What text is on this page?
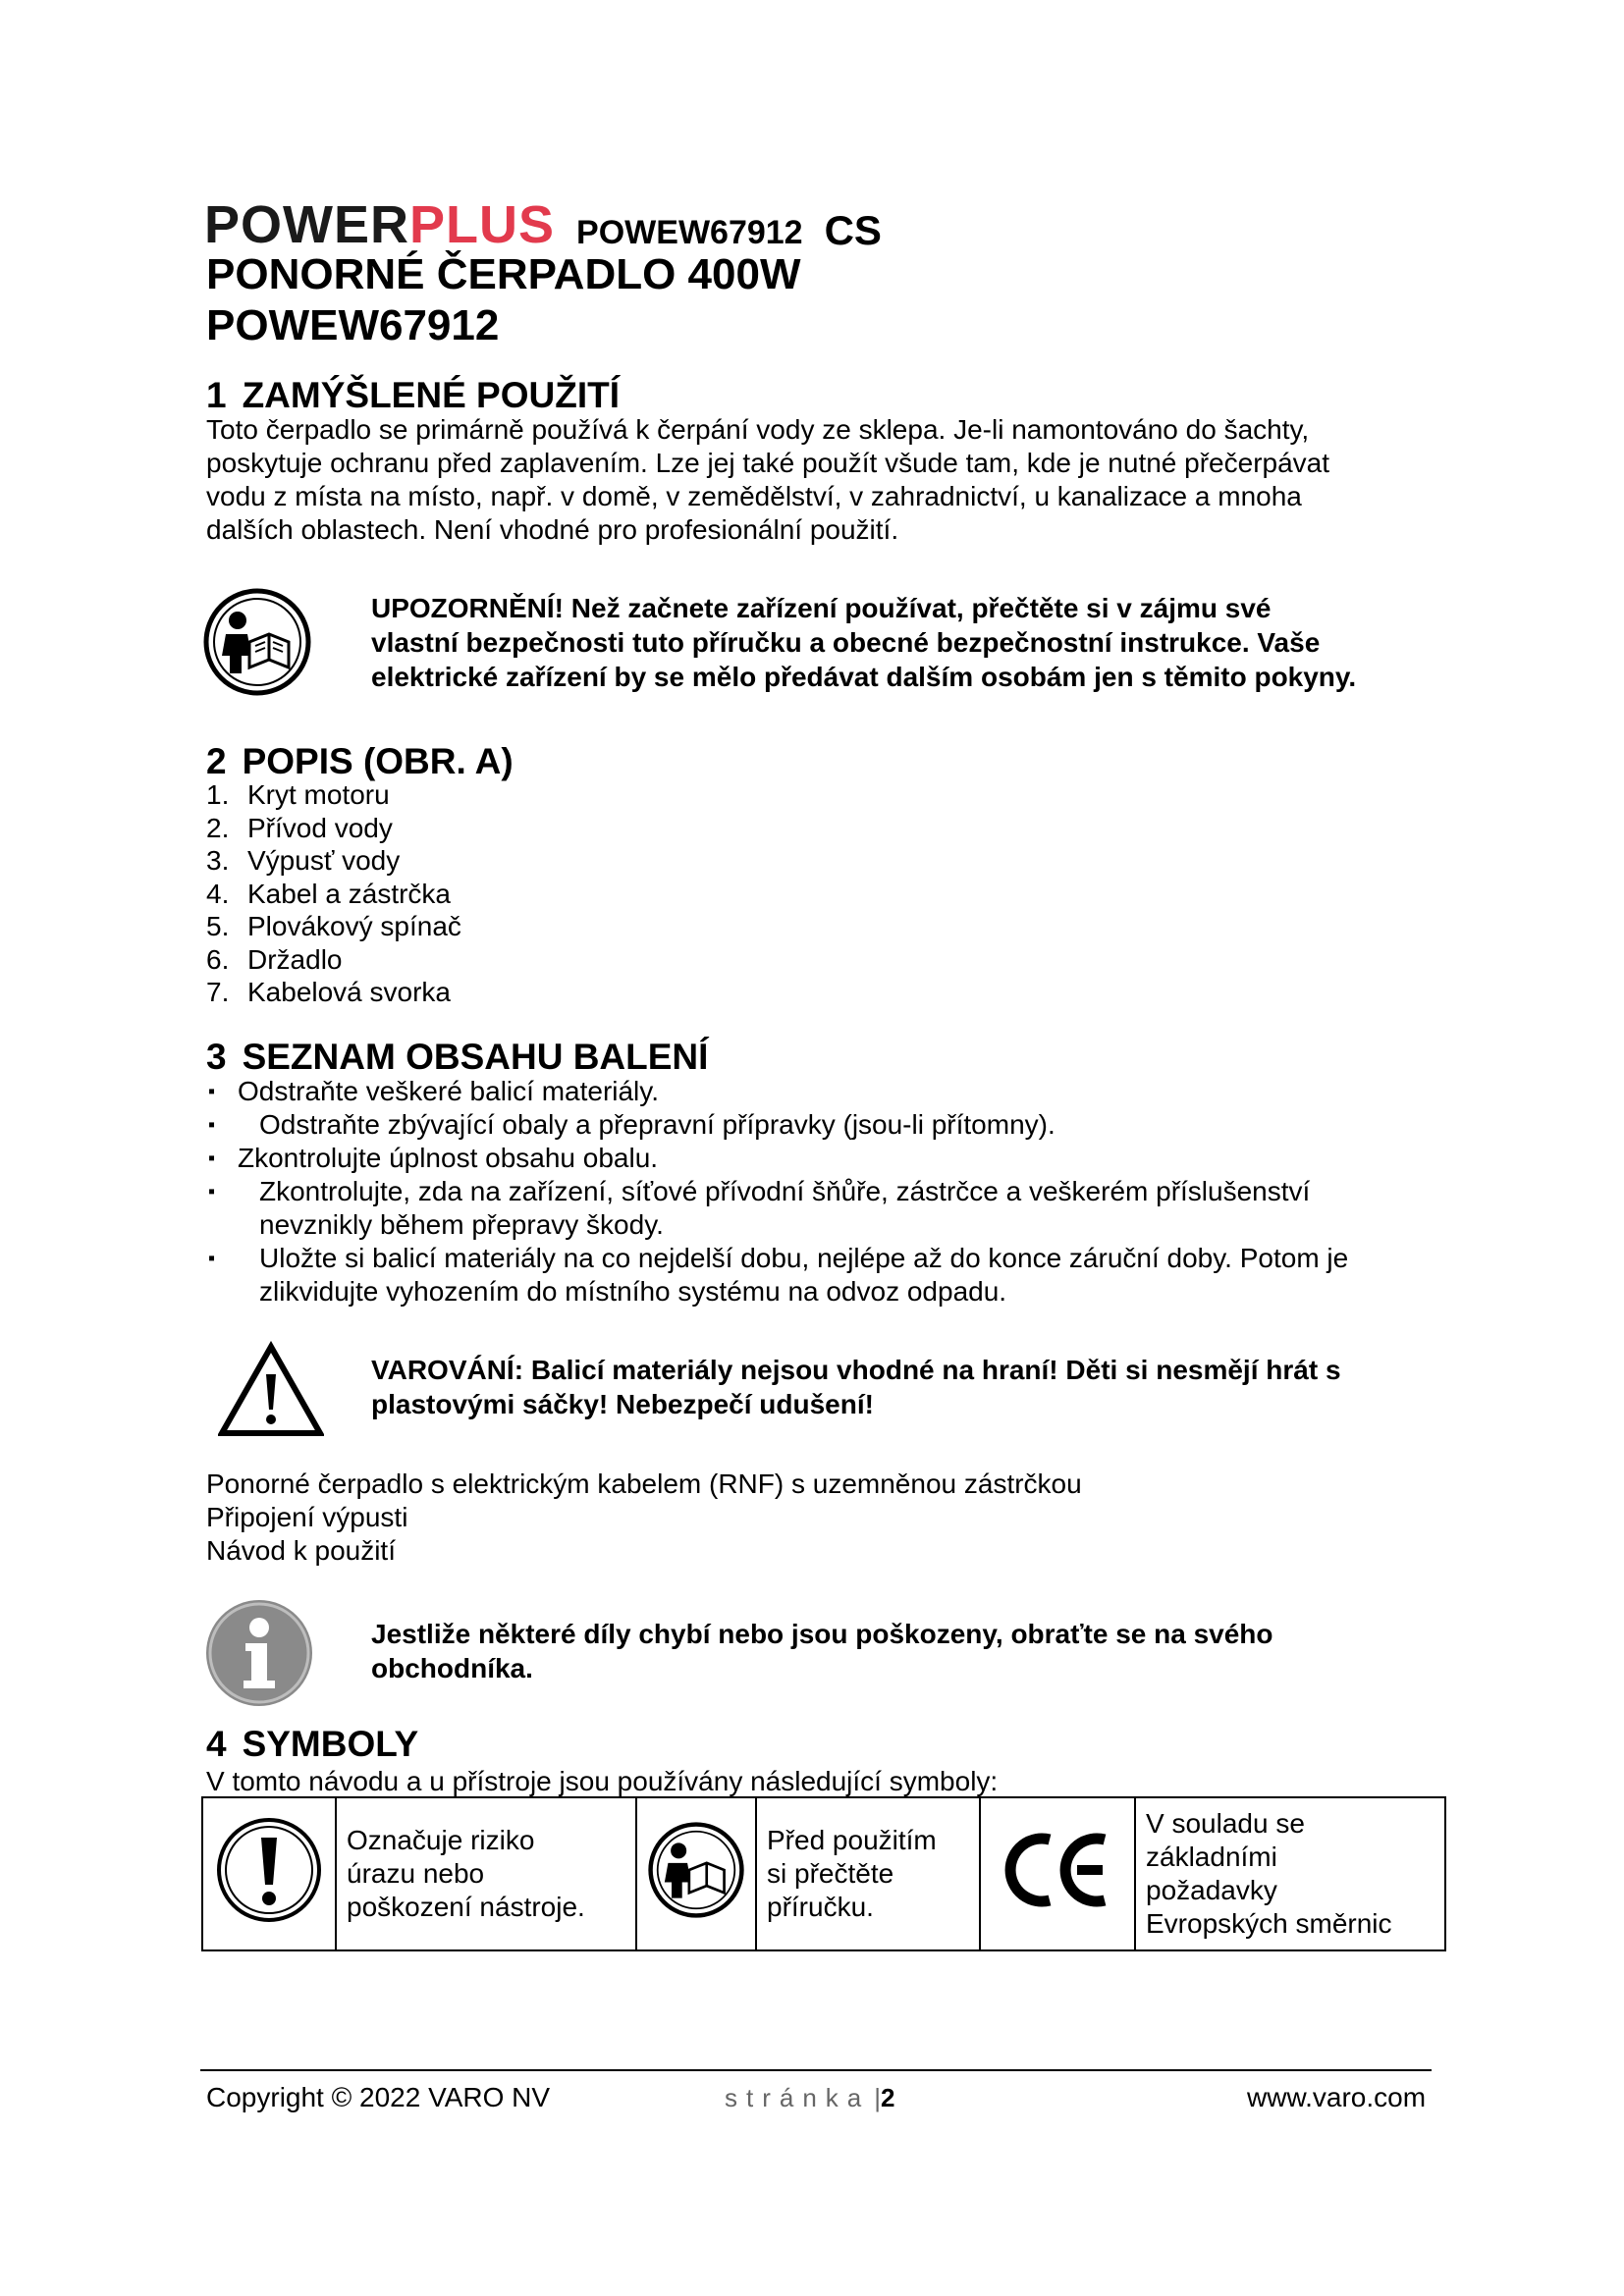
POWERPLUS POWEW67912 CS
PONORNÉ ČERPADLO 400W
POWEW67912
1 ZAMÝŠLENÉ POUŽITÍ

Toto čerpadlo se primárně používá k čerpání vody ze sklepa. Je-li namontováno do šachty,
poskytuje ochranu před zaplavením. Lze jej také použít všude tam, kde je nutné přečerpávat
vodu z místa na místo, např. v domě, v zemědělství, v zahradnictví, u kanalizace a mnoha
dalších oblastech. Není vhodné pro profesionální použití.

UPOZORNĚNÍ! Než začnete zařízení používat, přečtěte si v zájmu své
vlastní bezpečnosti tuto příručku a obecné bezpečnostní instrukce. Vaše
elektrické zařízení by se mělo předávat dalším osobám jen s těmito pokyny.
2 POPIS (OBR. A)
1. Kryt motoru
2. Přívod vody
3. Výpusť vody
4. Kabel a zástrčka
5. Plovákový spínač
6. Držadlo
7. Kabelová svorka
3 SEZNAM OBSAHU BALENÍ
▪ Odstraňte veškeré balicí materiály.
▪ Odstraňte zbývající obaly a přepravní přípravky (jsou-li přítomny).
▪ Zkontrolujte úplnost obsahu obalu.
▪ Zkontrolujte, zda na zařízení, síťové přívodní šňůře, zástrčce a veškerém příslušenství
nevznikly během přepravy škody.
▪ Uložte si balicí materiály na co nejdelší dobu, nejlépe až do konce záruční doby. Potom je
zlikvidujte vyhozením do místního systému na odvoz odpadu.
VAROVÁNÍ: Balicí materiály nejsou vhodné na hraní! Děti si nesmějí hrát s
plastovými sáčky! Nebezpečí udušení!
Ponorné čerpadlo s elektrickým kabelem (RNF) s uzemněnou zástrčkou
Připojení výpusti
Návod k použití
Jestliže některé díly chybí nebo jsou poškozeny, obraťte se na svého
obchodníka.
4 SYMBOLY

V tomto návodu a u přístroje jsou používány následující symboly:

	Označuje riziko
úrazu nebo
poškození nástroje.		Před použitím
si přečtěte
příručku.		V souladu se
základními
požadavky
Evropských směrnic
Copyright © 2022 VARO NV	stránka |2	www.varo.com
